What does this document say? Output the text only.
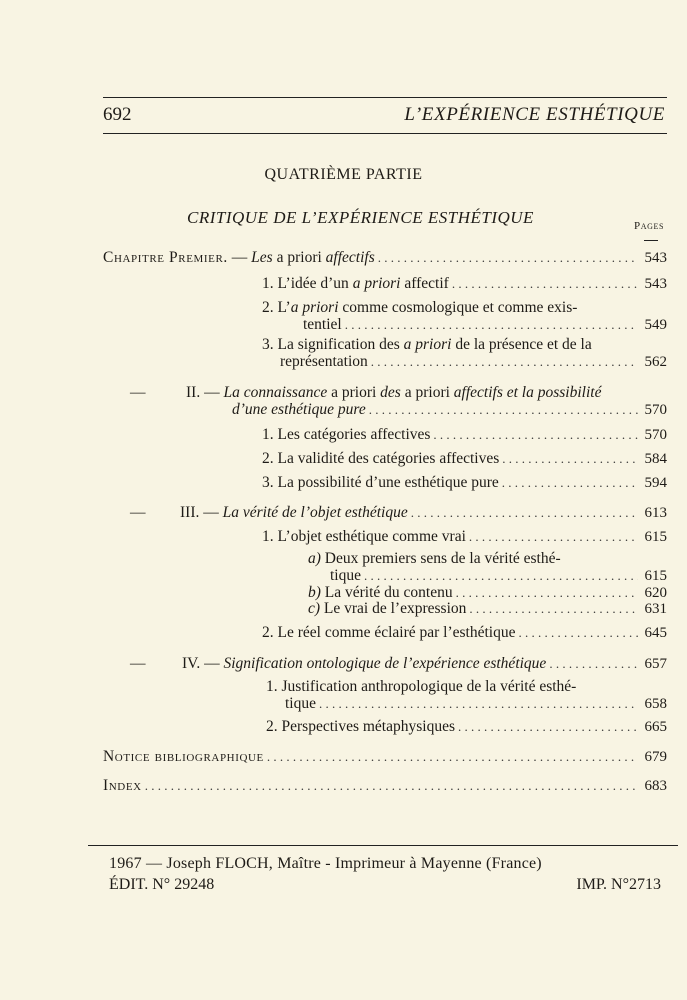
692	L’EXPÉRIENCE ESTHÉTIQUE
QUATRIÈME PARTIE
CRITIQUE DE L’EXPÉRIENCE ESTHÉTIQUE	Pages
Chapitre Premier. — Les a priori affectifs . . .	543
1. L’idée d’un a priori affectif . . .	543
2. L’a priori comme cosmologique et comme exis-
tentiel . . .	549
3. La signification des a priori de la présence et de la
représentation . . .	562
—	II. — La connaissance a priori des a priori affectifs et la possibilité
d’une esthétique pure . . .	570
1. Les catégories affectives . . .	570
2. La validité des catégories affectives . . .	584
3. La possibilité d’une esthétique pure . . .	594
— III. — La vérité de l’objet esthétique . . .	613
1. L’objet esthétique comme vrai . . .	615
a) Deux premiers sens de la vérité esthé-
tique . . .	615
b) La vérité du contenu . . .	620
c) Le vrai de l’expression . . .	631
2. Le réel comme éclairé par l’esthétique . . .	645
— IV. — Signification ontologique de l’expérience esthétique . . .	657
1. Justification anthropologique de la vérité esthé-
tique . . .	658
2. Perspectives métaphysiques . . .	665
Notice bibliographique . . .	679
Index . . .	683
1967 — Joseph FLOCH, Maître - Imprimeur à Mayenne (France)
ÉDIT. N° 29248	IMP. N°2713
